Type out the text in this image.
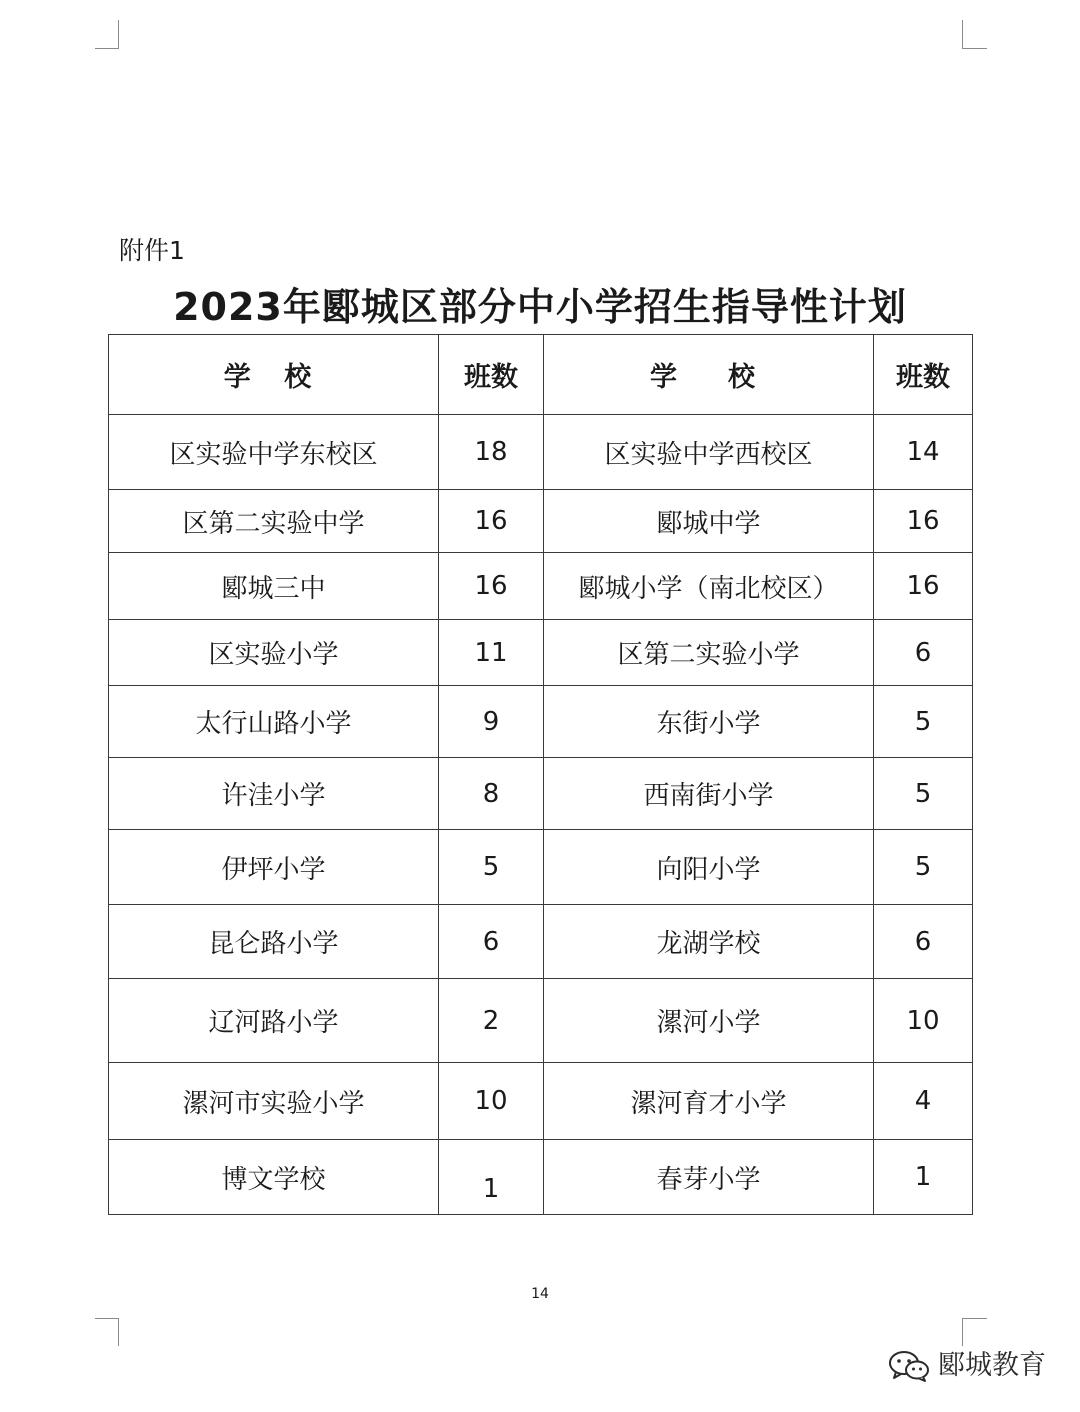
附件1
2023年郾城区部分中小学招生指导性计划
学 校	班数	学　校	班数
区实验中学东校区	18	区实验中学西校区	14
区第二实验中学	16	郾城中学	16
郾城三中	16	郾城小学（南北校区）	16
区实验小学	11	区第二实验小学	6
太行山路小学	9	东街小学	5
许洼小学	8	西南街小学	5
伊坪小学	5	向阳小学	5
昆仑路小学	6	龙湖学校	6
辽河路小学	2	漯河小学	10
漯河市实验小学	10	漯河育才小学	4
博文学校	1	春芽小学	1
14
郾城教育
